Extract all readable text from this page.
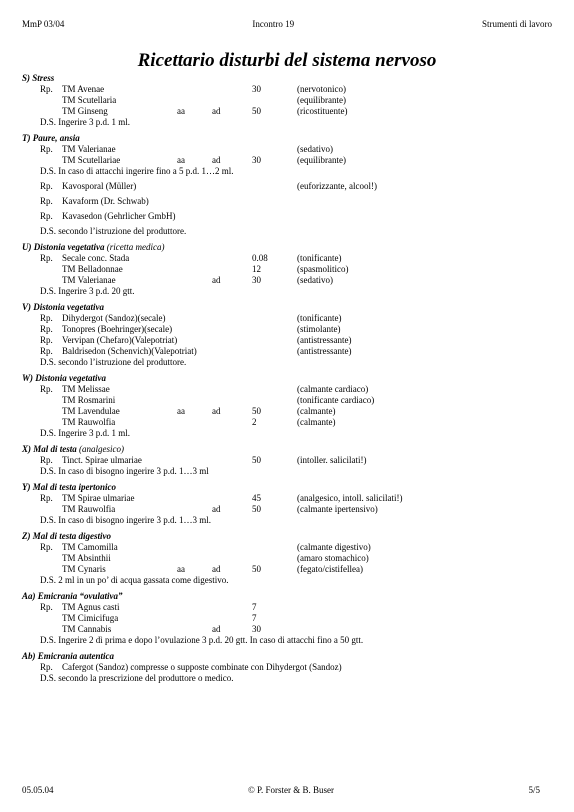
MmP 03/04	Incontro 19	Strumenti di lavoro
Ricettario disturbi del sistema nervoso
S) Stress
Rp. TM Avenae	30	(nervotonico)
TM Scutellaria	(equilibrante)
TM Ginseng	aa	ad	50	(ricostituente)
D.S. Ingerire 3 p.d. 1 ml.
T) Paure, ansia
Rp. TM Valerianae	(sedativo)
TM Scutellariae	aa	ad	30	(equilibrante)
D.S. In caso di attacchi ingerire fino a 5 p.d. 1…2 ml.
Rp. Kavosporal (Müller)	(euforizzante, alcool!)
Rp. Kavaform (Dr. Schwab)
Rp. Kavasedon (Gehrlicher GmbH)
D.S. secondo l’istruzione del produttore.
U) Distonia vegetativa (ricetta medica)
Rp. Secale conc. Stada	0.08	(tonificante)
TM Belladonnae	12	(spasmolitico)
TM Valerianae	ad	30	(sedativo)
D.S. Ingerire 3 p.d. 20 gtt.
V) Distonia vegetativa
Rp. Dihydergot (Sandoz)(secale)	(tonificante)
Rp. Tonopres (Boehringer)(secale)	(stimolante)
Rp. Vervipan (Chefaro)(Valepotriat)	(antistressante)
Rp. Baldrisedon (Schenvich)(Valepotriat)	(antistressante)
D.S. secondo l’istruzione del produttore.
W) Distonia vegetativa
Rp. TM Melissae	(calmante cardiaco)
TM Rosmarini	(tonificante cardiaco)
TM Lavendulae	aa	ad	50	(calmante)
TM Rauwolfia	2	(calmante)
D.S. Ingerire 3 p.d. 1 ml.
X) Mal di testa (analgesico)
Rp. Tinct. Spirae ulmariae	50	(intoller. salicilati!)
D.S. In caso di bisogno ingerire 3 p.d. 1…3 ml
Y) Mal di testa ipertonico
Rp. TM Spirae ulmariae	45	(analgesico, intoll. salicilati!)
TM Rauwolfia	ad	50	(calmante ipertensivo)
D.S. In caso di bisogno ingerire 3 p.d. 1…3 ml.
Z) Mal di testa digestivo
Rp. TM Camomilla	(calmante digestivo)
TM Absinthii	(amaro stomachico)
TM Cynaris	aa	ad	50	(fegato/cistifellea)
D.S. 2 ml in un po’ di acqua gassata come digestivo.
Aa) Emicrania “ovulativa”
Rp. TM Agnus casti	7
TM Cimicifuga	7
TM Cannabis	ad	30
D.S. Ingerire 2 dì prima e dopo l’ovulazione 3 p.d. 20 gtt. In caso di attacchi fino a 50 gtt.
Ab) Emicrania autentica
Rp. Cafergot (Sandoz) compresse o supposte combinate con Dihydergot (Sandoz)
D.S. secondo la prescrizione del produttore o medico.
05.05.04	© P. Forster & B. Buser	5/5
